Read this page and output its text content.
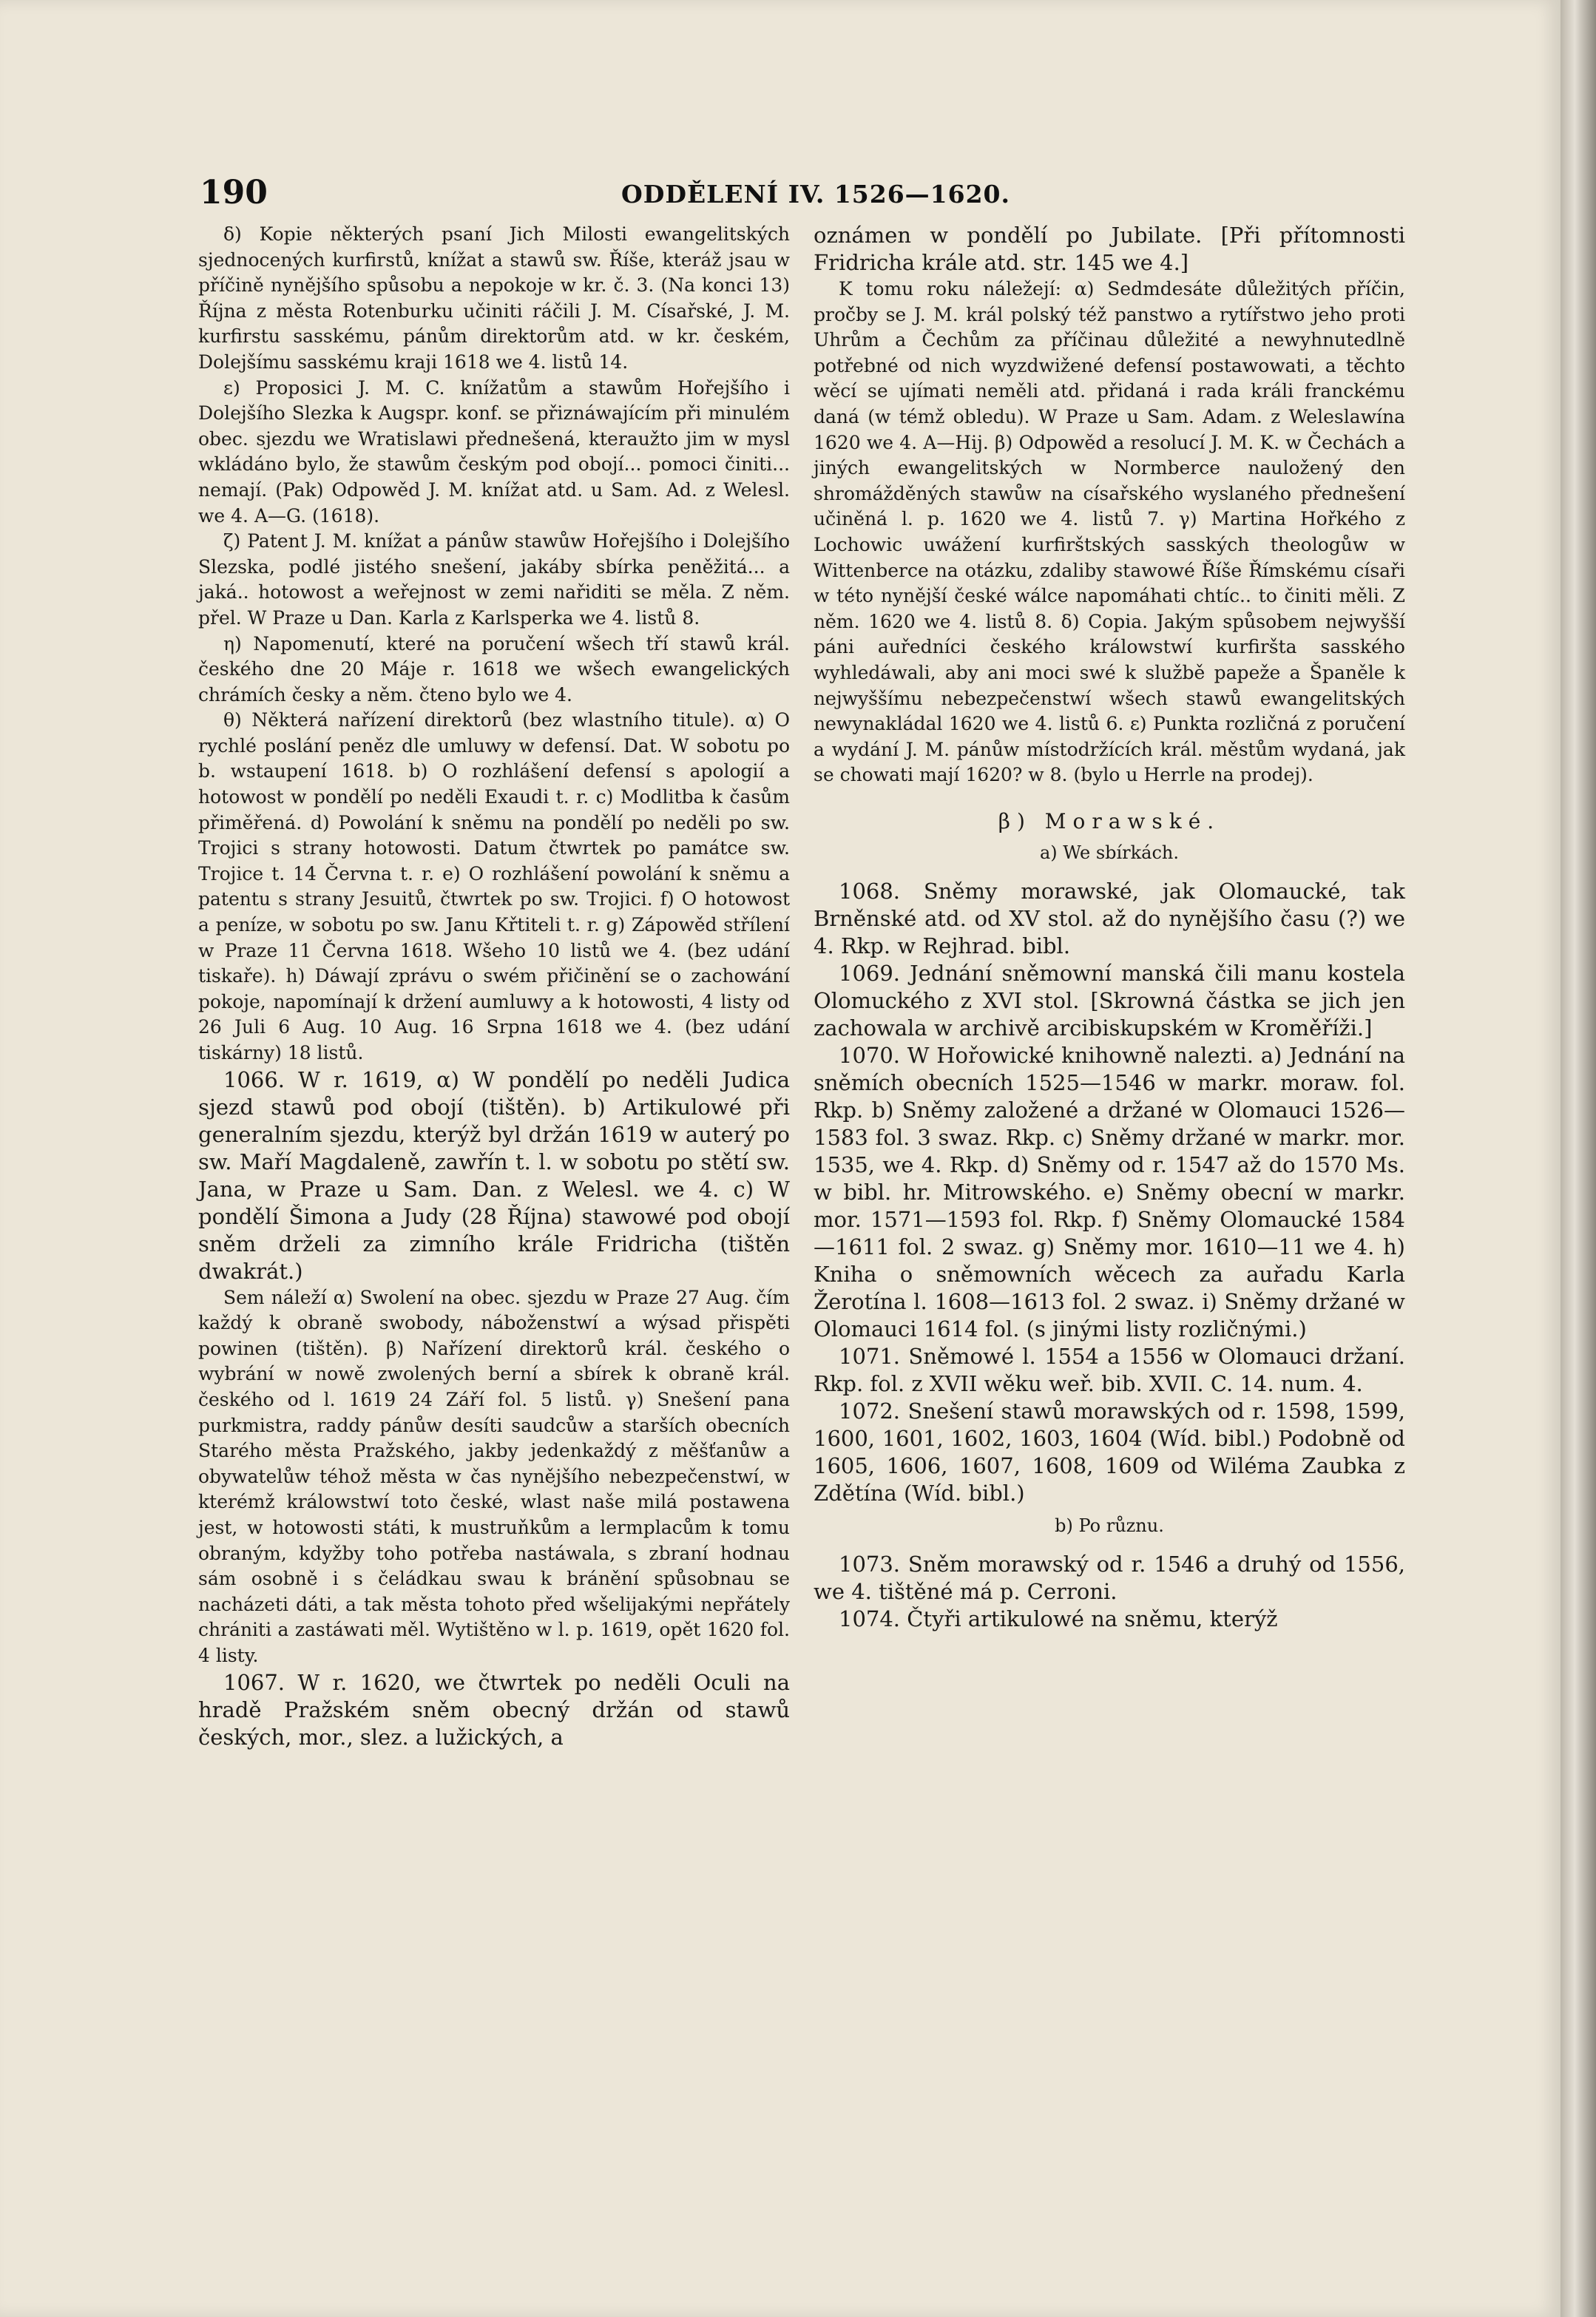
190	ODDĚLENÍ IV. 1526—1620.

δ) Kopie některých psaní Jich Milosti ewangelitských sjednocených kurfirstů, knížat a stawů sw. Říše, kteráž jsau w příčině nynějšího spůsobu a nepokoje w kr. č. 3. (Na konci 13) Října z města Rotenburku učiniti ráčili J. M. Císařské, J. M. kurfirstu sasskému, pánům direktorům atd. w kr. českém, Dolejšímu sasskému kraji 1618 we 4. listů 14.

ε) Proposici J. M. C. knížatům a stawům Hořejšího i Dolejšího Slezka k Augspr. konf. se přiznáwajícím při minulém obec. sjezdu we Wratislawi přednešená, kteraužto jim w mysl wkládáno bylo, že stawům českým pod obojí... pomoci činiti... nemají. (Pak) Odpowěd J. M. knížat atd. u Sam. Ad. z Welesl. we 4. A—G. (1618).

ζ) Patent J. M. knížat a pánůw stawůw Hořejšího i Dolejšího Slezska, podlé jistého snešení, jakáby sbírka peněžitá... a jaká.. hotowost a weřejnost w zemi nařiditi se měla. Z něm. přel. W Praze u Dan. Karla z Karlsperka we 4. listů 8.

η) Napomenutí, které na poručení wšech tří stawů král. českého dne 20 Máje r. 1618 we wšech ewangelických chrámích česky a něm. čteno bylo we 4.

θ) Některá nařízení direktorů (bez wlastního titule). α) O rychlé poslání peněz dle umluwy w defensí. Dat. W sobotu po b. wstaupení 1618. b) O rozhlášení defensí s apologií a hotowost w pondělí po neděli Exaudi t. r. c) Modlitba k časům přiměřená. d) Powolání k sněmu na pondělí po neděli po sw. Trojici s strany hotowosti. Datum čtwrtek po památce sw. Trojice t. 14 Června t. r. e) O rozhlášení powolání k sněmu a patentu s strany Jesuitů, čtwrtek po sw. Trojici. f) O hotowost a peníze, w sobotu po sw. Janu Křtiteli t. r. g) Zápowěd střílení w Praze 11 Června 1618. Wšeho 10 listů we 4. (bez udání tiskaře). h) Dáwají zprávu o swém přičinění se o zachowání pokoje, napomínají k držení aumluwy a k hotowosti, 4 listy od 26 Juli 6 Aug. 10 Aug. 16 Srpna 1618 we 4. (bez udání tiskárny) 18 listů.

1066. W r. 1619, α) W pondělí po neděli Judica sjezd stawů pod obojí (tištěn). b) Artikulowé při generalním sjezdu, kterýž byl držán 1619 w auterý po sw. Maří Magdaleně, zawřín t. l. w sobotu po stětí sw. Jana, w Praze u Sam. Dan. z Welesl. we 4. c) W pondělí Šimona a Judy (28 Října) stawowé pod obojí sněm drželi za zimního krále Fridricha (tištěn dwakrát.)

Sem náleží α) Swolení na obec. sjezdu w Praze 27 Aug. čím každý k obraně swobody, náboženstwí a wýsad přispěti powinen (tištěn). β) Nařízení direktorů král. českého o wybrání w nowě zwolených berní a sbírek k obraně král. českého od l. 1619 24 Září fol. 5 listů. γ) Snešení pana purkmistra, raddy pánůw desíti saudcůw a starších obecních Starého města Pražského, jakby jedenkaždý z měšťanůw a obywatelůw téhož města w čas nynějšího nebezpečenstwí, w kterémž králowstwí toto české, wlast naše milá postawena jest, w hotowosti státi, k mustruňkům a lermplacům k tomu obraným, kdyžby toho potřeba nastáwala, s zbraní hodnau sám osobně i s čeládkau swau k bránění spůsobnau se nacházeti dáti, a tak města tohoto před wšelijakými nepřátely chrániti a zastáwati měl. Wytištěno w l. p. 1619, opět 1620 fol. 4 listy.

1067. W r. 1620, we čtwrtek po neděli Oculi na hradě Pražském sněm obecný držán od stawů českých, mor., slez. a lužických, a

oznámen w pondělí po Jubilate. [Při přítomnosti Fridricha krále atd. str. 145 we 4.]

K tomu roku náležejí: α) Sedmdesáte důležitých příčin, proč̌by se J. M. král polský též panstwo a rytířstwo jeho proti Uhrům a Čechům za příčinau důležité a newyhnutedlně potřebné od nich wyzdwižené defensí postawowati, a těchto wěcí se ujímati neměli atd. přidaná i rada králi franckému daná (w témž obledu). W Praze u Sam. Adam. z Weleslawína 1620 we 4. A—Hij. β) Odpowěd a resolucí J. M. K. w Čechách a jiných ewangelitských w Normberce nauložený den shromážděných stawůw na císařského wyslaného přednešení učiněná l. p. 1620 we 4. listů 7. γ) Martina Hořkého z Lochowic uwážení kurfirštských sasských theologůw w Wittenberce na otázku, zdaliby stawowé Říše Římskému císaři w této nynější české wálce napomáhati chtíc.. to činiti měli. Z něm. 1620 we 4. listů 8. δ) Copia. Jakým spůsobem nejwyšší páni auředníci českého králowstwí kurfiršta sasského wyhledáwali, aby ani moci swé k službě papeže a Španěle k nejwyššímu nebezpečenstwí wšech stawů ewangelitských newynakládal 1620 we 4. listů 6. ε) Punkta rozličná z poručení a wydání J. M. pánůw místodržících král. městům wydaná, jak se chowati mají 1620? w 8. (bylo u Herrle na prodej).

β) Morawské.

a) We sbírkách.

1068. Sněmy morawské, jak Olomaucké, tak Brněnské atd. od XV stol. až do nynějšího času (?) we 4. Rkp. w Rejhrad. bibl.

1069. Jednání sněmowní manská čili manu kostela Olomuckého z XVI stol. [Skrowná částka se jich jen zachowala w archivě arcibiskupském w Kroměříži.]

1070. W Hořowické knihowně nalezti. a) Jednání na sněmích obecních 1525—1546 w markr. moraw. fol. Rkp. b) Sněmy založené a držané w Olomauci 1526—1583 fol. 3 swaz. Rkp. c) Sněmy držané w markr. mor. 1535, we 4. Rkp. d) Sněmy od r. 1547 až do 1570 Ms. w bibl. hr. Mitrowského. e) Sněmy obecní w markr. mor. 1571—1593 fol. Rkp. f) Sněmy Olomaucké 1584—1611 fol. 2 swaz. g) Sněmy mor. 1610—11 we 4. h) Kniha o sněmowních wěcech za auřadu Karla Žerotína l. 1608—1613 fol. 2 swaz. i) Sněmy držané w Olomauci 1614 fol. (s jinými listy rozličnými.)

1071. Sněmowé l. 1554 a 1556 w Olomauci držaní. Rkp. fol. z XVII wěku weř. bib. XVII. C. 14. num. 4.

1072. Snešení stawů morawských od r. 1598, 1599, 1600, 1601, 1602, 1603, 1604 (Wíd. bibl.) Podobně od 1605, 1606, 1607, 1608, 1609 od Wiléma Zaubka z Zdětína (Wíd. bibl.)

b) Po různu.

1073. Sněm morawský od r. 1546 a druhý od 1556, we 4. tištěné má p. Cerroni.

1074. Čtyři artikulowé na sněmu, kterýž
